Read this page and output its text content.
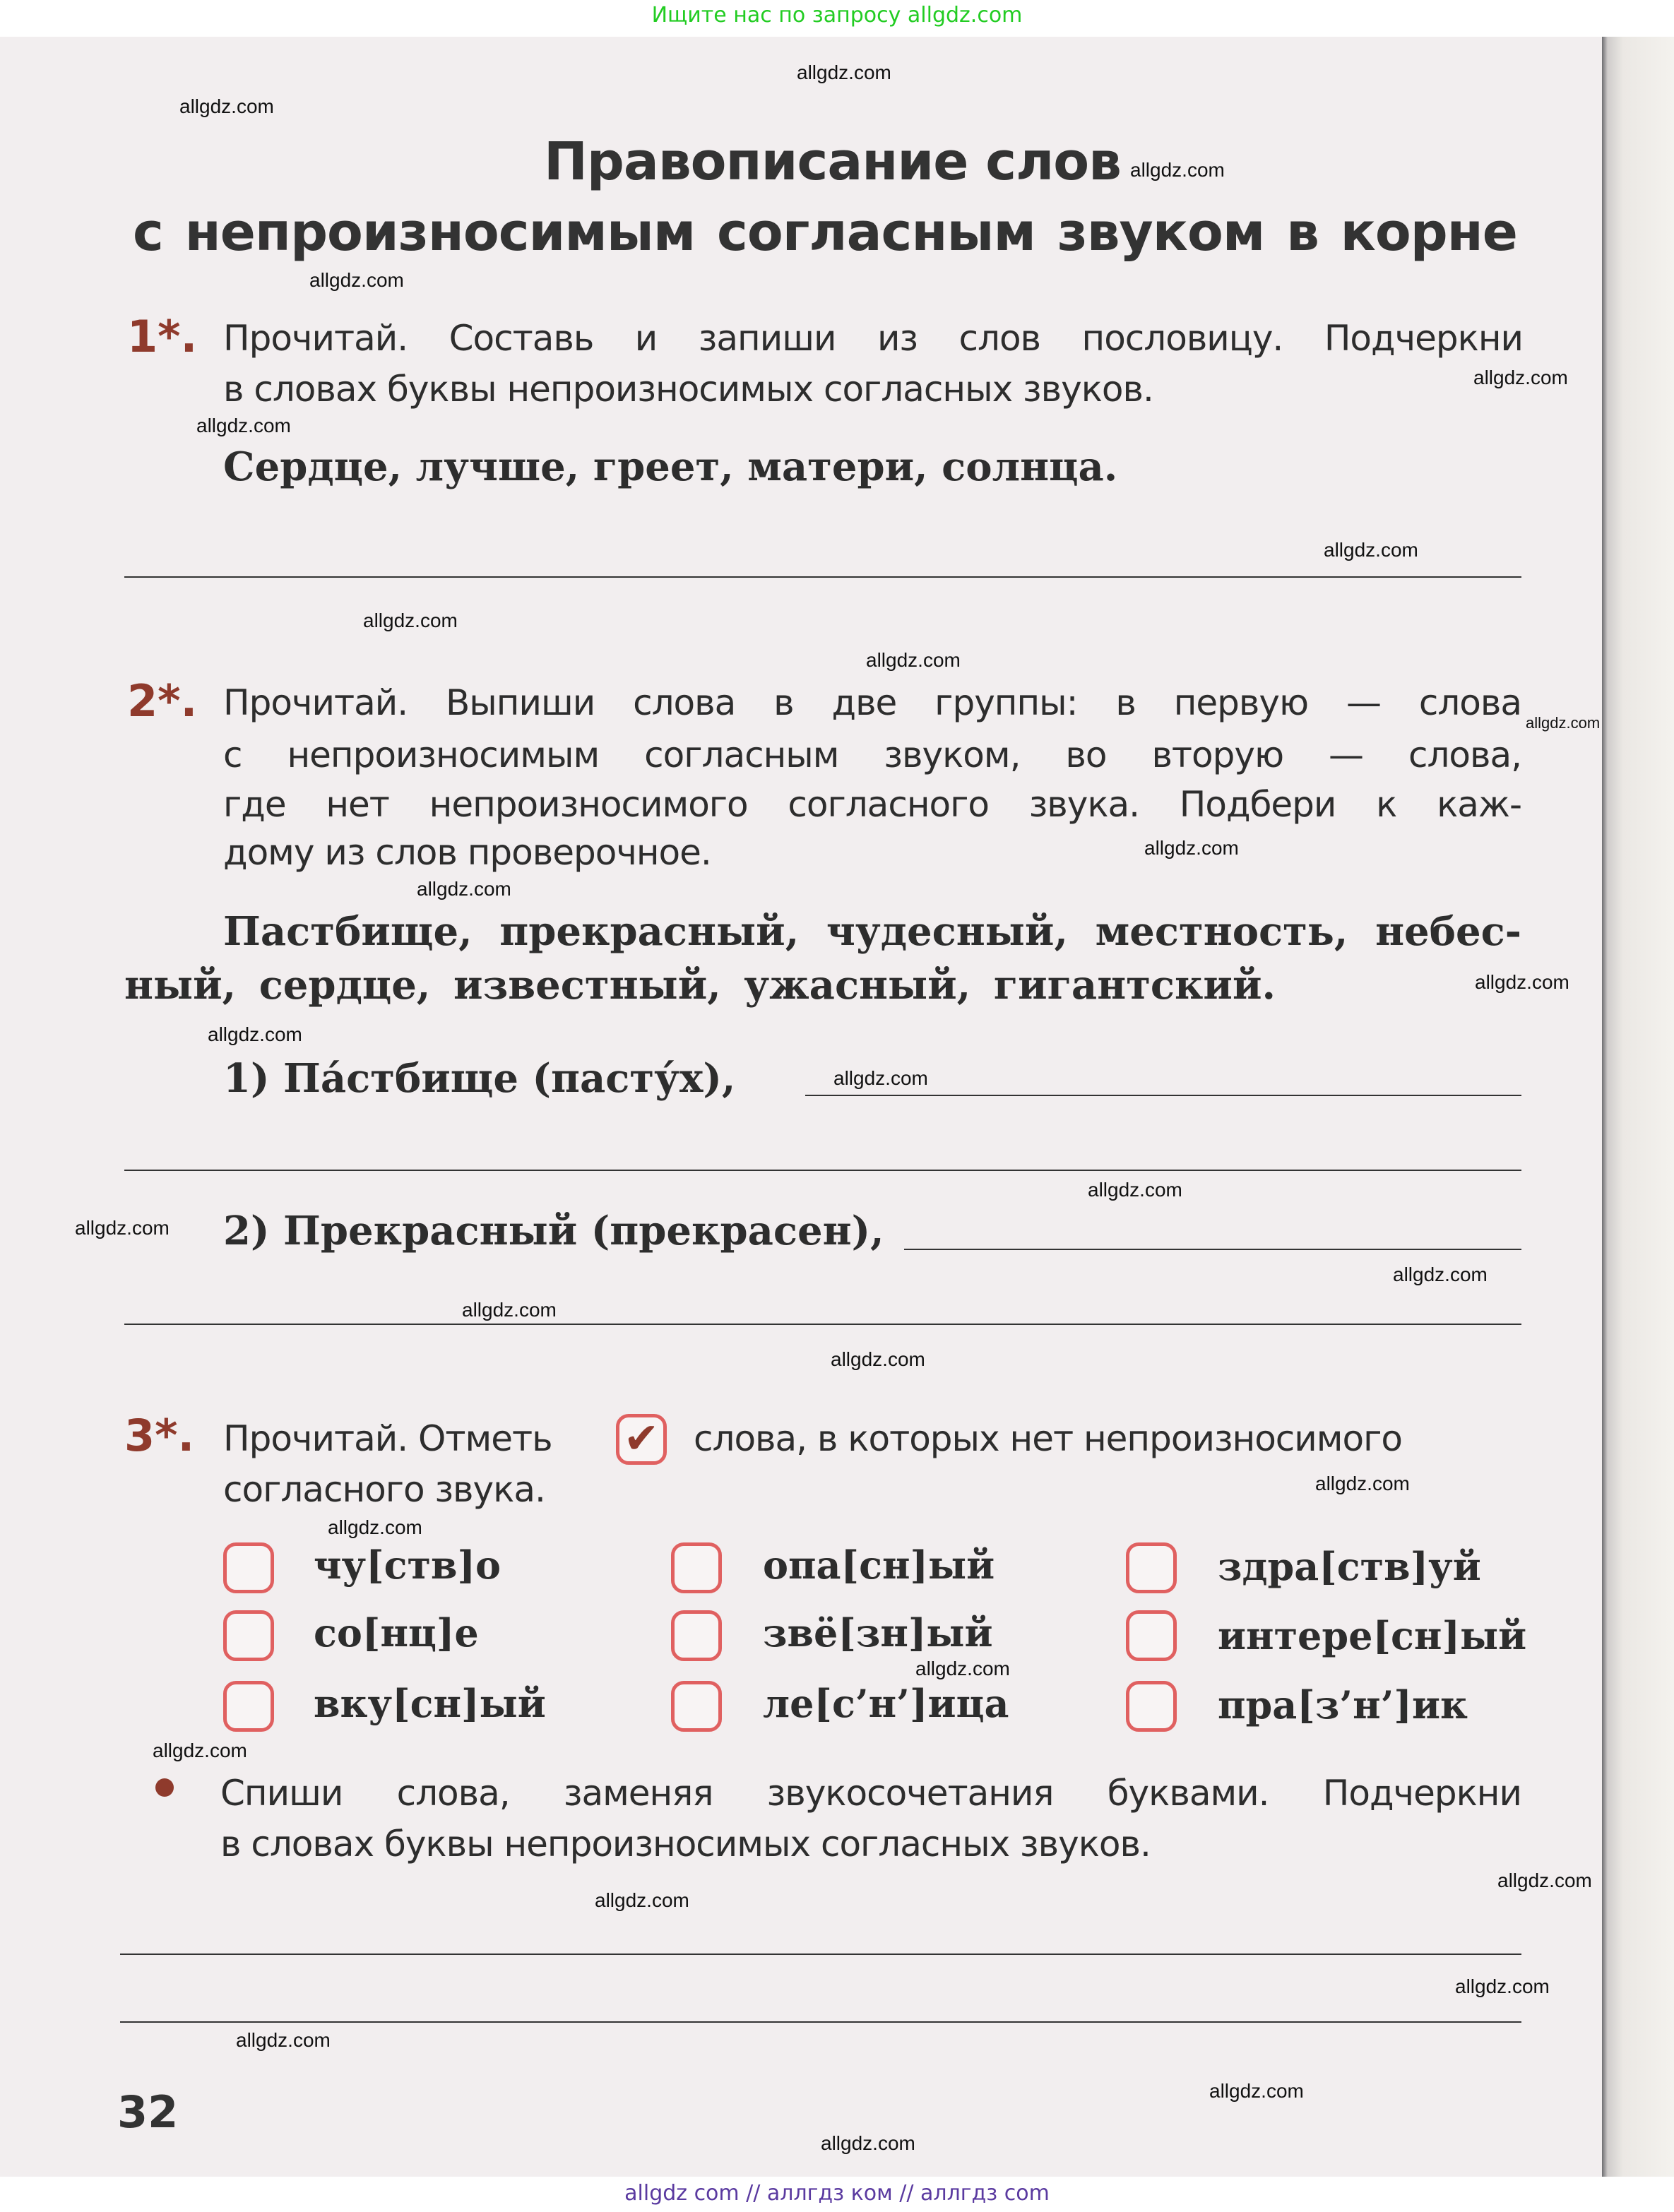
Ищите нас по запросу allgdz.com
Правописание слов
с непроизносимым согласным звуком в корне
1*. Прочитай. Составь и запиши из слов пословицу. Подчеркни
в словах буквы непроизносимых согласных звуков.
Сердце, лучше, греет, матери, солнца.
2*. Прочитай. Выпиши слова в две группы: в первую — слова
с непроизносимым согласным звуком, во вторую — слова,
где нет непроизносимого согласного звука. Подбери к каж-
дому из слов проверочное.
Пастбище, прекрасный, чудесный, местность, небес-
ный, сердце, известный, ужасный, гигантский.
1) Па́стбище (пасту́х),
2) Прекрасный (прекрасен),
3*. Прочитай. Отметь ✔ слова, в которых нет непроизносимого
согласного звука.
чу[ств]о
со[нц]е
вку[сн]ый
опа[сн]ый
звё[зн]ый
ле[с’н’]ица
здра[ств]уй
интере[сн]ый
пра[з’н’]ик
Спиши слова, заменяя звукосочетания буквами. Подчеркни
в словах буквы непроизносимых согласных звуков.
32
allgdz.com
allgdz.com
allgdz.com
allgdz.com
allgdz.com
allgdz.com
allgdz.com
allgdz.com
allgdz.com
allgdz.com
allgdz.com
allgdz.com
allgdz.com
allgdz.com
allgdz.com
allgdz.com
allgdz.com
allgdz.com
allgdz.com
allgdz.com
allgdz.com
allgdz.com
allgdz.com
allgdz.com
allgdz.com
allgdz.com
allgdz.com
allgdz.com
allgdz.com
allgdz.com
allgdz com // аллгдз ком // аллгдз com
